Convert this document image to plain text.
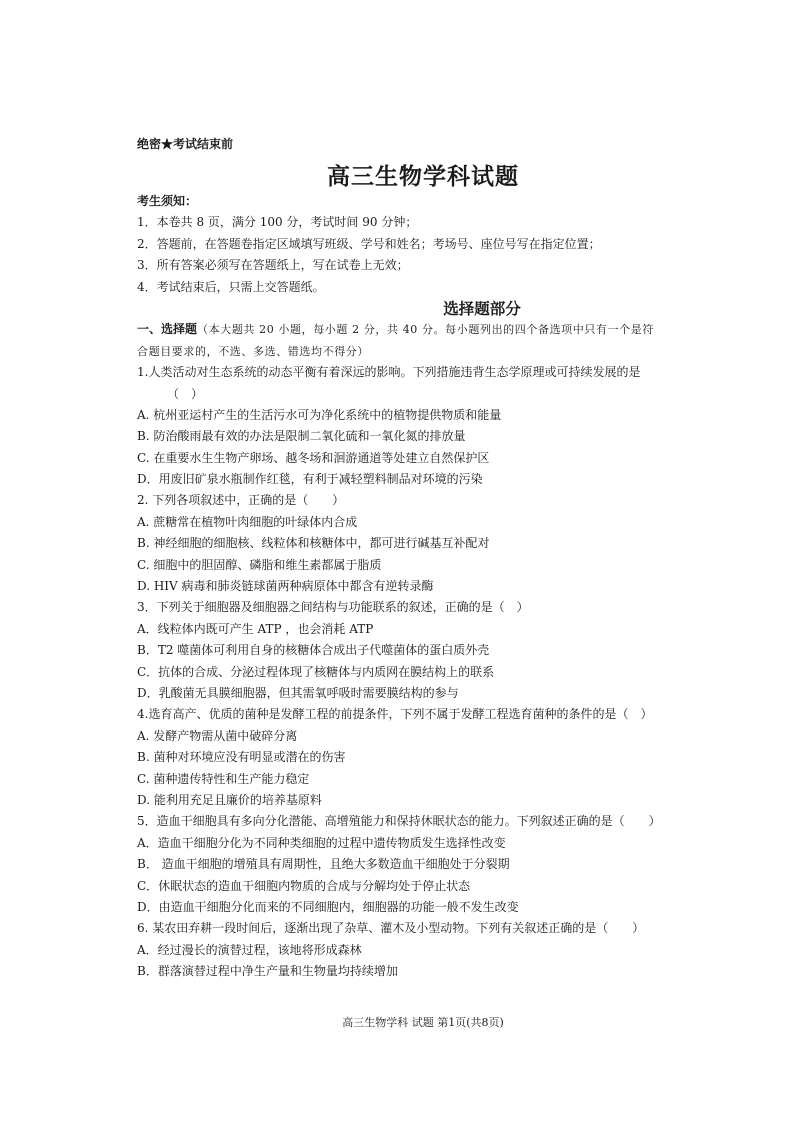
绝密★考试结束前
高三生物学科试题
考生须知：
1．本卷共 8 页，满分 100 分，考试时间 90 分钟；
2．答题前，在答题卷指定区域填写班级、学号和姓名；考场号、座位号写在指定位置；
3．所有答案必须写在答题纸上，写在试卷上无效；
4．考试结束后，只需上交答题纸。
选择题部分
一、选择题（本大题共 20 小题，每小题 2 分，共 40 分。每小题列出的四个备选项中只有一个是符
合题目要求的，不选、多选、错选均不得分）
1.人类活动对生态系统的动态平衡有着深远的影响。下列措施违背生态学原理或可持续发展的是
（　）
A. 杭州亚运村产生的生活污水可为净化系统中的植物提供物质和能量
B. 防治酸雨最有效的办法是限制二氧化硫和一氧化氮的排放量
C. 在重要水生生物产卵场、越冬场和洄游通道等处建立自然保护区
D．用废旧矿泉水瓶制作红毯，有利于减轻塑料制品对环境的污染
2. 下列各项叙述中，正确的是（　　）
A. 蔗糖常在植物叶肉细胞的叶绿体内合成
B. 神经细胞的细胞核、线粒体和核糖体中，都可进行碱基互补配对
C. 细胞中的胆固醇、磷脂和维生素都属于脂质
D. HIV 病毒和肺炎链球菌两种病原体中都含有逆转录酶
3．下列关于细胞器及细胞器之间结构与功能联系的叙述，正确的是（　）
A．线粒体内既可产生 ATP ，也会消耗 ATP
B．T2 噬菌体可利用自身的核糖体合成出子代噬菌体的蛋白质外壳
C．抗体的合成、分泌过程体现了核糖体与内质网在膜结构上的联系
D．乳酸菌无具膜细胞器，但其需氧呼吸时需要膜结构的参与
4.选育高产、优质的菌种是发酵工程的前提条件，下列不属于发酵工程选育菌种的条件的是（　）
A. 发酵产物需从菌中破碎分离
B. 菌种对环境应没有明显或潜在的伤害
C. 菌种遗传特性和生产能力稳定
D. 能利用充足且廉价的培养基原料
5．造血干细胞具有多向分化潜能、高增殖能力和保持休眠状态的能力。下列叙述正确的是（　　）
A．造血干细胞分化为不同种类细胞的过程中遗传物质发生选择性改变
B． 造血干细胞的增殖具有周期性，且绝大多数造血干细胞处于分裂期
C．休眠状态的造血干细胞内物质的合成与分解均处于停止状态
D．由造血干细胞分化而来的不同细胞内，细胞器的功能一般不发生改变
6. 某农田弃耕一段时间后，逐渐出现了杂草、灌木及小型动物。下列有关叙述正确的是（　　）
A．经过漫长的演替过程，该地将形成森林
B．群落演替过程中净生产量和生物量均持续增加
高三生物学科 试题 第1页(共8页)
